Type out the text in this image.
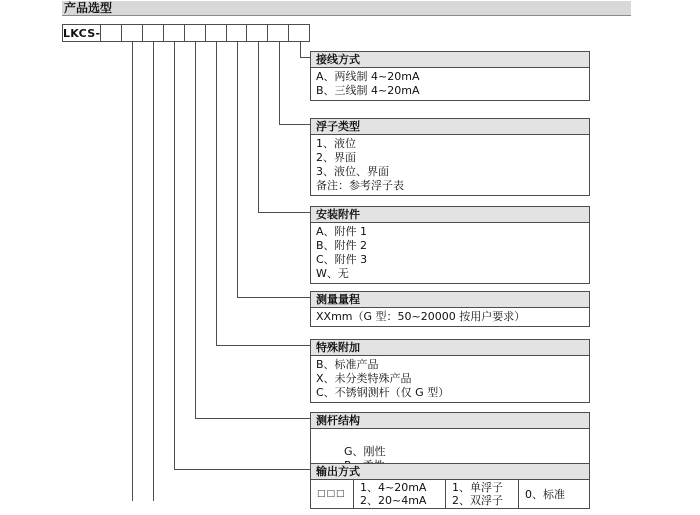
产品选型
LKCS-
接线方式
A、两线制 4~20mA
B、三线制 4~20mA
浮子类型
1、液位
2、界面
3、液位、界面
备注：参考浮子表
安装附件
A、附件 1
B、附件 2
C、附件 3
W、无
测量量程
XXmm（G 型：50~20000 按用户要求）
特殊附加
B、标准产品
X、未分类特殊产品
C、不锈钢测杆（仅 G 型）
测杆结构

G、刚性

输出方式
□□□ 1、4~20mA
2、20~4mA
1、单浮子
2、双浮子	0、标准
